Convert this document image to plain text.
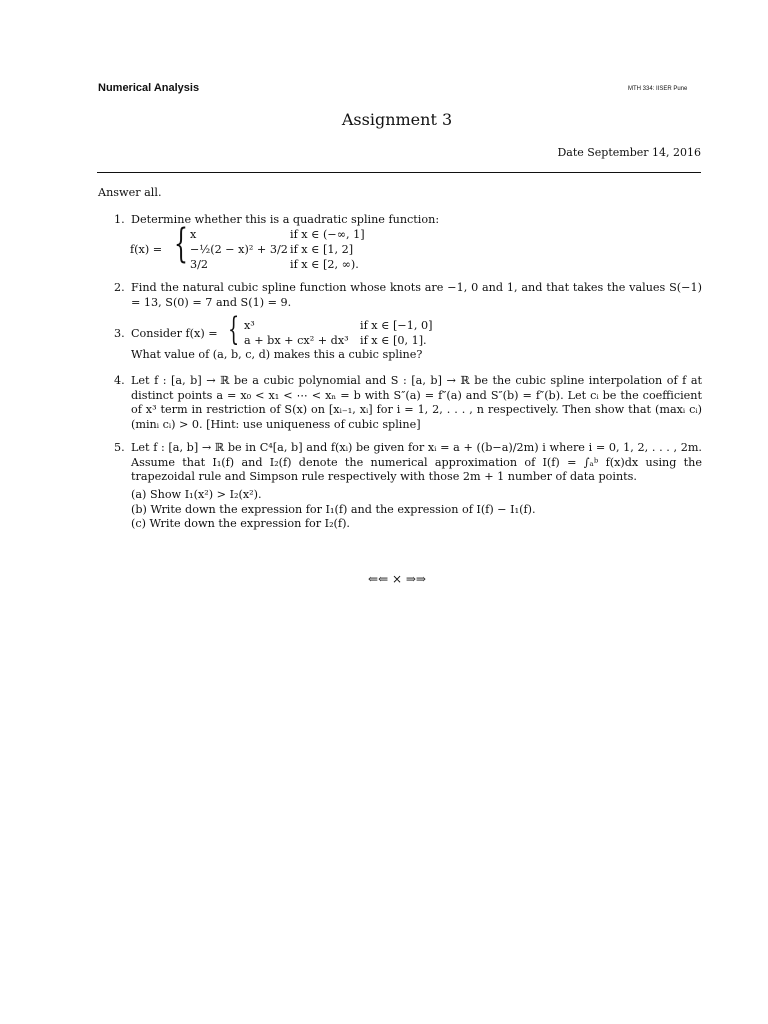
Numerical Analysis	MTH 334: IISER Pune
Assignment 3
Date September 14, 2016
Answer all.
1. Determine whether this is a quadratic spline function:
f(x) = { x	if x ∈ (−∞, 1]
−½(2 − x)² + 3/2 if x ∈ [1, 2]
3/2	if x ∈ [2, ∞).
2. Find the natural cubic spline function whose knots are −1, 0 and 1, and that takes the values S(−1) = 13, S(0) = 7 and S(1) = 9.
3. Consider f(x) = { x³	if x ∈ [−1, 0]
a + bx + cx² + dx³ if x ∈ [0, 1].
What value of (a, b, c, d) makes this a cubic spline?
4. Let f : [a, b] → ℝ be a cubic polynomial and S : [a, b] → ℝ be the cubic spline interpolation of f at distinct points a = x₀ < x₁ < ⋯ < xₙ = b with S″(a) = f″(a) and S″(b) = f″(b). Let cᵢ be the coefficient of x³ term in restriction of S(x) on [xᵢ₋₁, xᵢ] for i = 1, 2, . . . , n respectively. Then show that (maxᵢ cᵢ)(minᵢ cᵢ) > 0. [Hint: use uniqueness of cubic spline]
5. Let f : [a, b] → ℝ be in C⁴[a, b] and f(xᵢ) be given for xᵢ = a + ((b−a)/2m) i where i = 0, 1, 2, . . . , 2m. Assume that I₁(f) and I₂(f) denote the numerical approximation of I(f) = ∫ₐᵇ f(x)dx using the trapezoidal rule and Simpson rule respectively with those 2m + 1 number of data points.
(a) Show I₁(x²) > I₂(x²).
(b) Write down the expression for I₁(f) and the expression of I(f) − I₁(f).
(c) Write down the expression for I₂(f).
⇐⇐ × ⇒⇒
